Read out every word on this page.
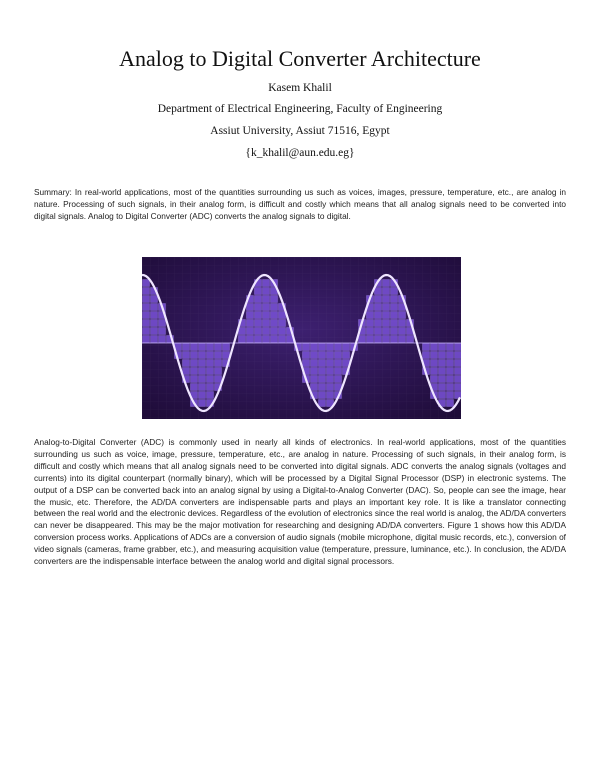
Analog to Digital Converter Architecture
Kasem Khalil
Department of Electrical Engineering, Faculty of Engineering
Assiut University, Assiut 71516, Egypt
{k_khalil@aun.edu.eg}

Summary: In real-world applications, most of the quantities surrounding us such as voices, images, pressure, temperature, etc., are analog in nature. Processing of such signals, in their analog form, is difficult and costly which means that all analog signals need to be converted into digital signals. Analog to Digital Converter (ADC) converts the analog signals to digital.

Analog-to-Digital Converter (ADC) is commonly used in nearly all kinds of electronics. In real-world applications, most of the quantities surrounding us such as voice, image, pressure, temperature, etc., are analog in nature. Processing of such signals, in their analog form, is difficult and costly which means that all analog signals need to be converted into digital signals. ADC converts the analog signals (voltages and currents) into its digital counterpart (normally binary), which will be processed by a Digital Signal Processor (DSP) in electronic systems. The output of a DSP can be converted back into an analog signal by using a Digital-to-Analog Converter (DAC). So, people can see the image, hear the music, etc. Therefore, the AD/DA converters are indispensable parts and plays an important key role. It is like a translator connecting between the real world and the electronic devices. Regardless of the evolution of electronics since the real world is analog, the AD/DA converters can never be disappeared. This may be the major motivation for researching and designing AD/DA converters. Figure 1 shows how this AD/DA conversion process works. Applications of ADCs are a conversion of audio signals (mobile microphone, digital music records, etc.), conversion of video signals (cameras, frame grabber, etc.), and measuring acquisition value (temperature, pressure, luminance, etc.). In conclusion, the AD/DA converters are the indispensable interface between the analog world and digital signal processors.
